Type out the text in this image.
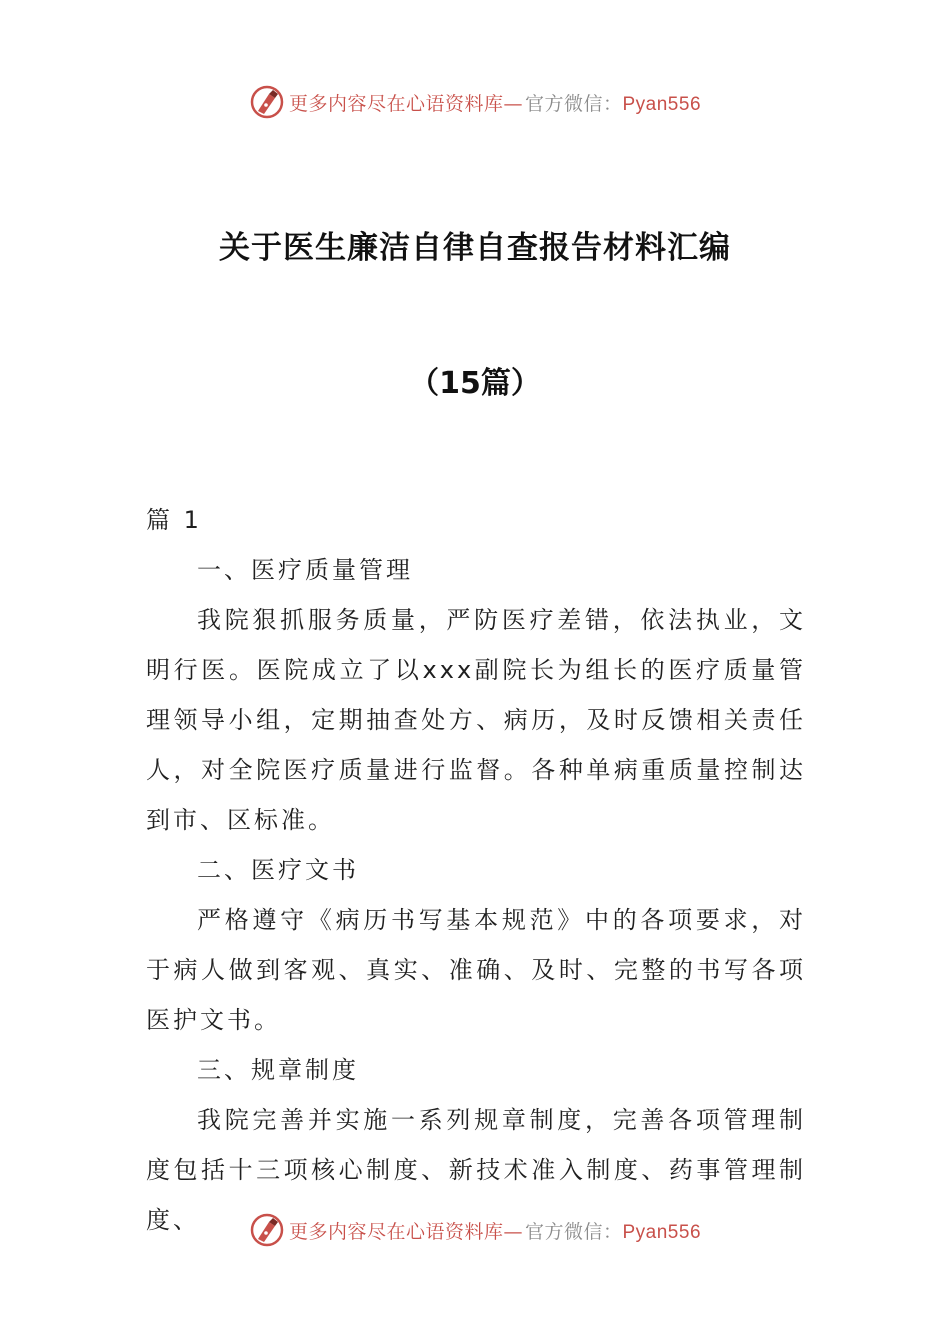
更多内容尽在心语资料库— 官方微信：Pyan556
关于医生廉洁自律自查报告材料汇编
（15篇）

篇 1

一、医疗质量管理

我院狠抓服务质量，严防医疗差错，依法执业，文明行医。医院成立了以xxx副院长为组长的医疗质量管理领导小组，定期抽查处方、病历，及时反馈相关责任人，对全院医疗质量进行监督。各种单病重质量控制达到市、区标准。

二、医疗文书

严格遵守《病历书写基本规范》中的各项要求，对于病人做到客观、真实、准确、及时、完整的书写各项医护文书。

三、规章制度

我院完善并实施一系列规章制度，完善各项管理制度包括十三项核心制度、新技术准入制度、药事管理制度、	更多内容尽在心语资料库— 官方微信：Pyan556
